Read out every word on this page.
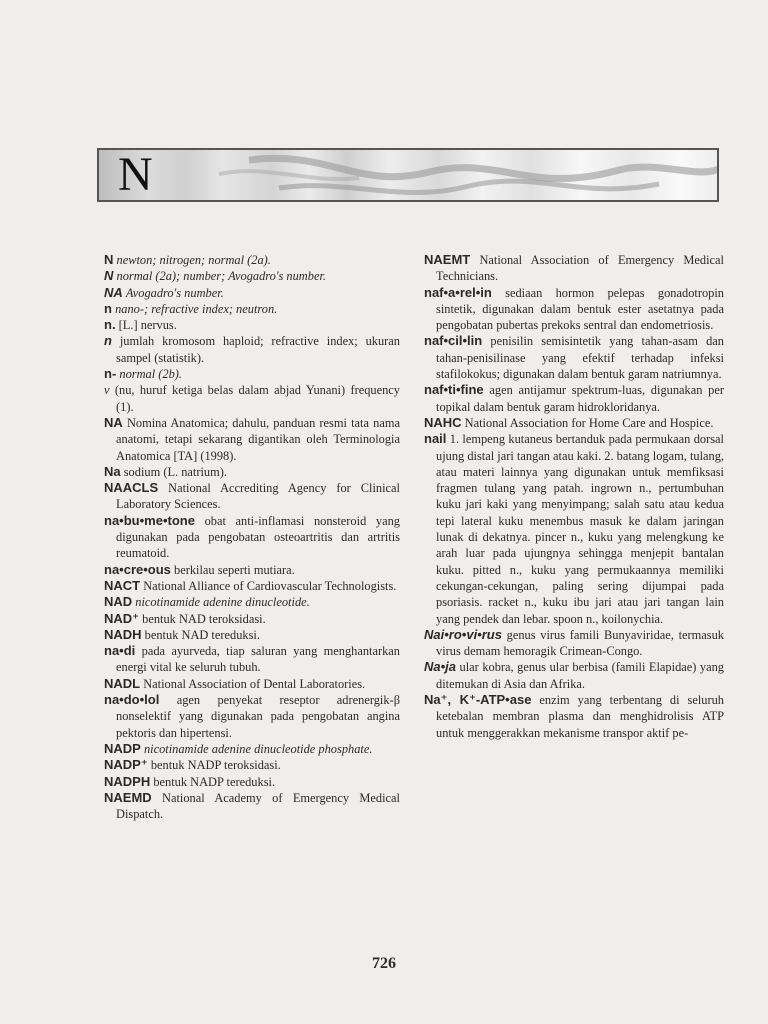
N

N newton; nitrogen; normal (2a).

N normal (2a); number; Avogadro's number.

NA Avogadro's number.

n nano-; refractive index; neutron.

n. [L.] nervus.

n jumlah kromosom haploid; refractive index; ukuran sampel (statistik).

n- normal (2b).

ν (nu, huruf ketiga belas dalam abjad Yunani) frequency (1).

NA Nomina Anatomica; dahulu, panduan resmi tata nama anatomi, tetapi sekarang digantikan oleh Terminologia Anatomica [TA] (1998).

Na sodium (L. natrium).

NAACLS National Accrediting Agency for Clinical Laboratory Sciences.

na•bu•me•tone obat anti-inflamasi nonsteroid yang digunakan pada pengobatan osteoartritis dan artritis reumatoid.

na•cre•ous berkilau seperti mutiara.

NACT National Alliance of Cardiovascular Technologists.

NAD nicotinamide adenine dinucleotide.

NAD⁺ bentuk NAD teroksidasi.

NADH bentuk NAD tereduksi.

na•di pada ayurveda, tiap saluran yang menghantarkan energi vital ke seluruh tubuh.

NADL National Association of Dental Laboratories.

na•do•lol agen penyekat reseptor adrenergik-β nonselektif yang digunakan pada pengobatan angina pektoris dan hipertensi.

NADP nicotinamide adenine dinucleotide phosphate.

NADP⁺ bentuk NADP teroksidasi.

NADPH bentuk NADP tereduksi.

NAEMD National Academy of Emergency Medical Dispatch.

NAEMT National Association of Emergency Medical Technicians.

naf•a•rel•in sediaan hormon pelepas gonadotropin sintetik, digunakan dalam bentuk ester asetatnya pada pengobatan pubertas prekoks sentral dan endometriosis.

naf•cil•lin penisilin semisintetik yang tahan-asam dan tahan-penisilinase yang efektif terhadap infeksi stafilokokus; digunakan dalam bentuk garam natriumnya.

naf•ti•fine agen antijamur spektrum-luas, digunakan per topikal dalam bentuk garam hidrokloridanya.

NAHC National Association for Home Care and Hospice.

nail 1. lempeng kutaneus bertanduk pada permukaan dorsal ujung distal jari tangan atau kaki. 2. batang logam, tulang, atau materi lainnya yang digunakan untuk memfiksasi fragmen tulang yang patah. ingrown n., pertumbuhan kuku jari kaki yang menyimpang; salah satu atau kedua tepi lateral kuku menembus masuk ke dalam jaringan lunak di dekatnya. pincer n., kuku yang melengkung ke arah luar pada ujungnya sehingga menjepit bantalan kuku. pitted n., kuku yang permukaannya memiliki cekungan-cekungan, paling sering dijumpai pada psoriasis. racket n., kuku ibu jari atau jari tangan lain yang pendek dan lebar. spoon n., koilonychia.

Nai•ro•vi•rus genus virus famili Bunyaviridae, termasuk virus demam hemoragik Crimean-Congo.

Na•ja ular kobra, genus ular berbisa (famili Elapidae) yang ditemukan di Asia dan Afrika.

Na⁺, K⁺-ATP•ase enzim yang terbentang di seluruh ketebalan membran plasma dan menghidrolisis ATP untuk menggerakkan mekanisme transpor aktif pe-

726
